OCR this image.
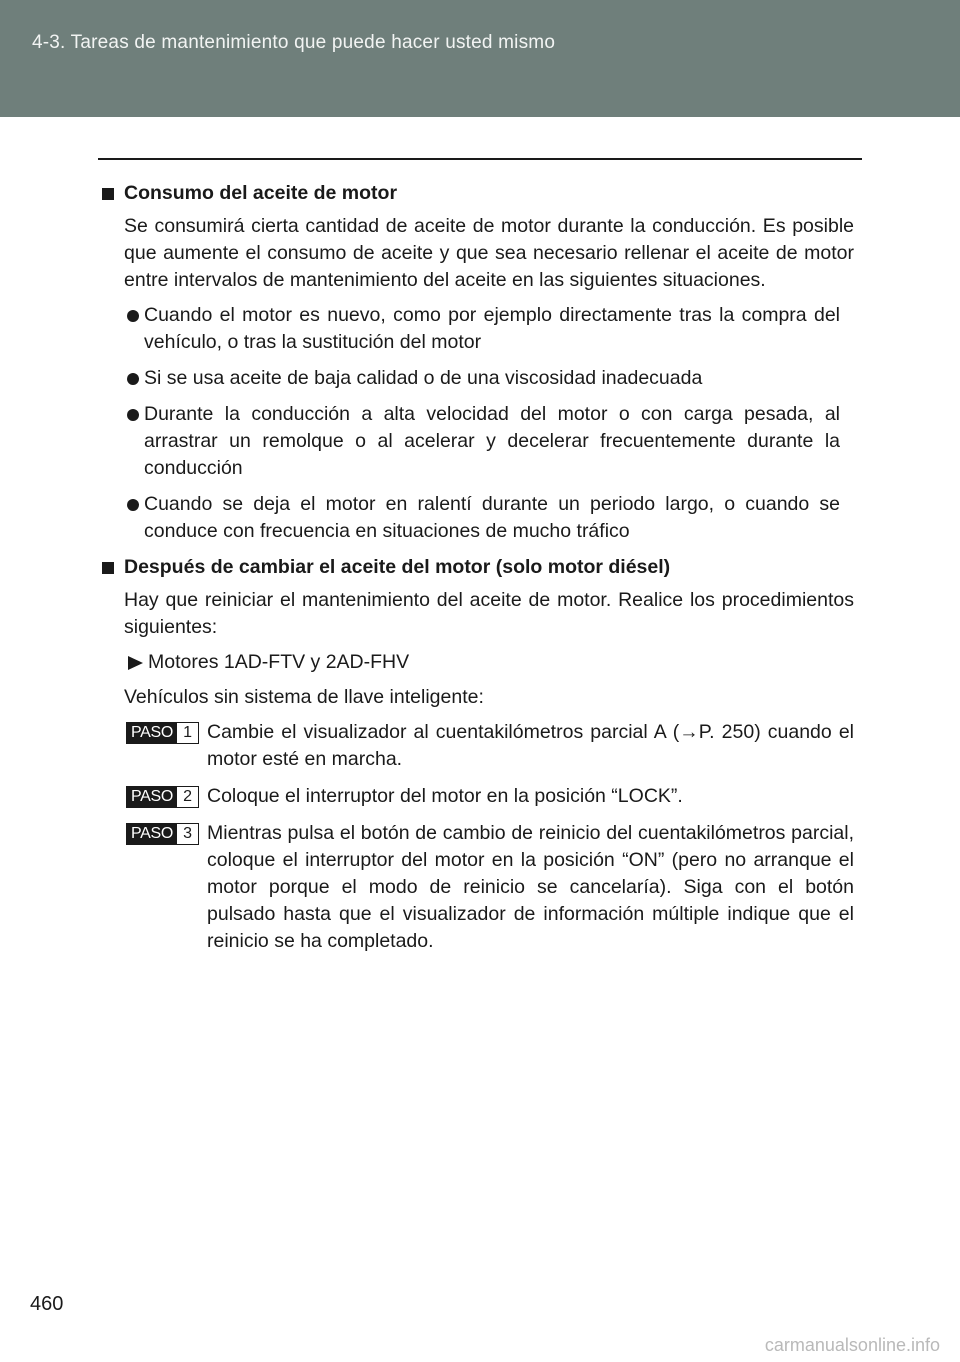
4-3. Tareas de mantenimiento que puede hacer usted mismo
Consumo del aceite de motor
Se consumirá cierta cantidad de aceite de motor durante la conducción. Es posible que aumente el consumo de aceite y que sea necesario rellenar el aceite de motor entre intervalos de mantenimiento del aceite en las siguientes situaciones.
Cuando el motor es nuevo, como por ejemplo directamente tras la compra del vehículo, o tras la sustitución del motor
Si se usa aceite de baja calidad o de una viscosidad inadecuada
Durante la conducción a alta velocidad del motor o con carga pesada, al arrastrar un remolque o al acelerar y decelerar frecuentemente durante la conducción
Cuando se deja el motor en ralentí durante un periodo largo, o cuando se conduce con frecuencia en situaciones de mucho tráfico
Después de cambiar el aceite del motor (solo motor diésel)
Hay que reiniciar el mantenimiento del aceite de motor. Realice los procedimientos siguientes:
Motores 1AD-FTV y 2AD-FHV
Vehículos sin sistema de llave inteligente:
PASO 1 Cambie el visualizador al cuentakilómetros parcial A (→P. 250) cuando el motor esté en marcha.
PASO 2 Coloque el interruptor del motor en la posición “LOCK”.
PASO 3 Mientras pulsa el botón de cambio de reinicio del cuentakilómetros parcial, coloque el interruptor del motor en la posición “ON” (pero no arranque el motor porque el modo de reinicio se cancelaría). Siga con el botón pulsado hasta que el visualizador de información múltiple indique que el reinicio se ha completado.
460
carmanualsonline.info
